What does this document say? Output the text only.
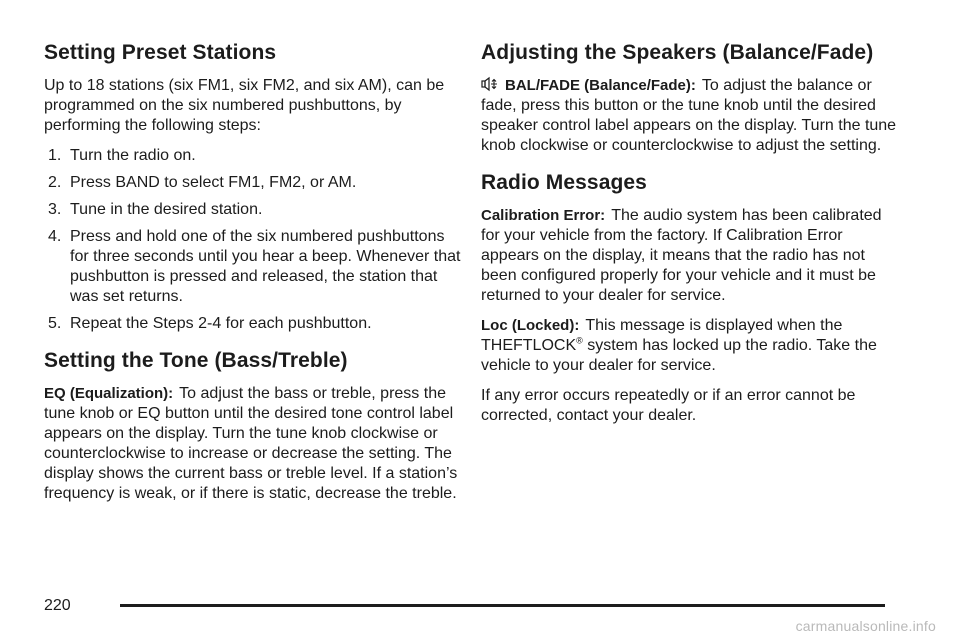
Setting Preset Stations

Up to 18 stations (six FM1, six FM2, and six AM), can be programmed on the six numbered pushbuttons, by performing the following steps:

1. Turn the radio on.
2. Press BAND to select FM1, FM2, or AM.
3. Tune in the desired station.
4. Press and hold one of the six numbered pushbuttons for three seconds until you hear a beep. Whenever that pushbutton is pressed and released, the station that was set returns.
5. Repeat the Steps 2-4 for each pushbutton.
Setting the Tone (Bass/Treble)

EQ (Equalization): To adjust the bass or treble, press the tune knob or EQ button until the desired tone control label appears on the display. Turn the tune knob clockwise or counterclockwise to increase or decrease the setting. The display shows the current bass or treble level. If a station’s frequency is weak, or if there is static, decrease the treble.

Adjusting the Speakers (Balance/Fade)

BAL/FADE (Balance/Fade): To adjust the balance or fade, press this button or the tune knob until the desired speaker control label appears on the display. Turn the tune knob clockwise or counterclockwise to adjust the setting.

Radio Messages

Calibration Error: The audio system has been calibrated for your vehicle from the factory. If Calibration Error appears on the display, it means that the radio has not been configured properly for your vehicle and it must be returned to your dealer for service.

Loc (Locked): This message is displayed when the THEFTLOCK® system has locked up the radio. Take the vehicle to your dealer for service.

If any error occurs repeatedly or if an error cannot be corrected, contact your dealer.

220
carmanualsonline.info
